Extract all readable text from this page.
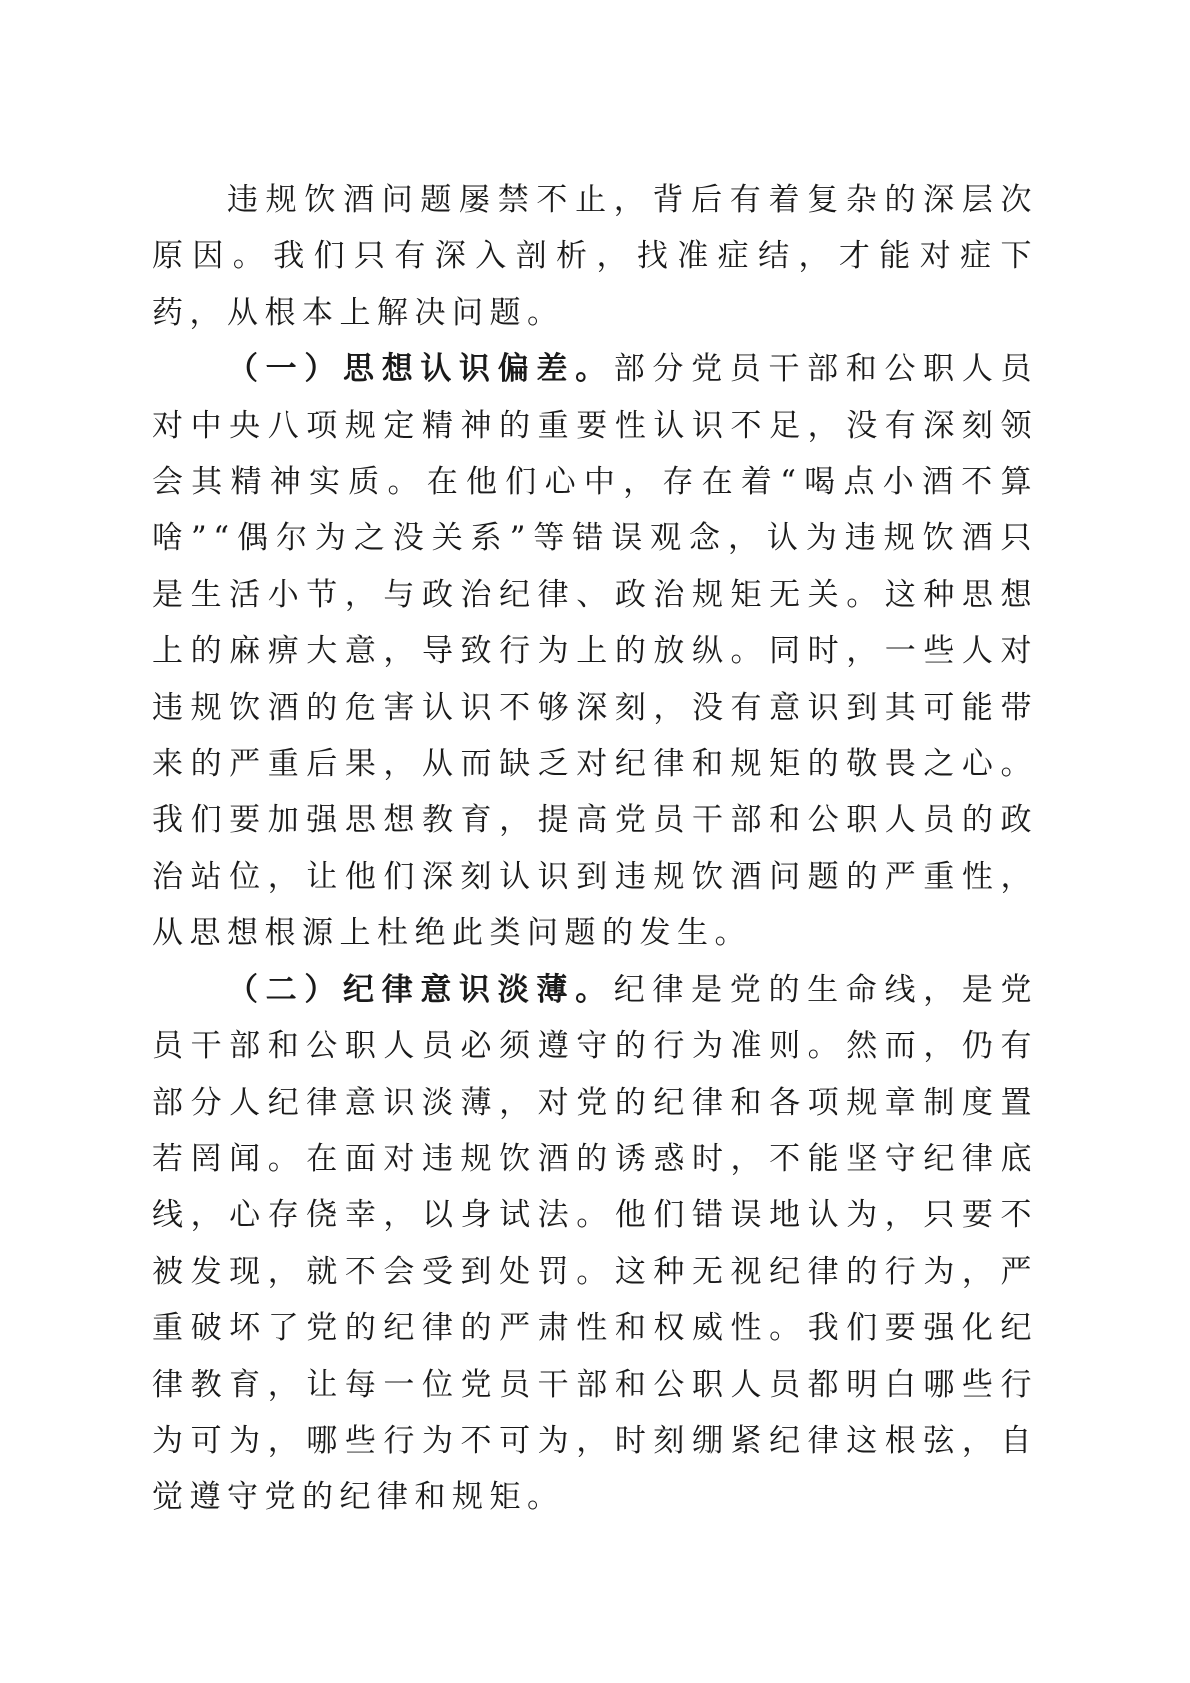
违规饮酒问题屡禁不止，背后有着复杂的深层次原因。我们只有深入剖析，找准症结，才能对症下药，从根本上解决问题。

（一）思想认识偏差。部分党员干部和公职人员对中央八项规定精神的重要性认识不足，没有深刻领会其精神实质。在他们心中，存在着“喝点小酒不算啥”“偶尔为之没关系”等错误观念，认为违规饮酒只是生活小节，与政治纪律、政治规矩无关。这种思想上的麻痹大意，导致行为上的放纵。同时，一些人对违规饮酒的危害认识不够深刻，没有意识到其可能带来的严重后果，从而缺乏对纪律和规矩的敬畏之心。我们要加强思想教育，提高党员干部和公职人员的政治站位，让他们深刻认识到违规饮酒问题的严重性，从思想根源上杜绝此类问题的发生。

（二）纪律意识淡薄。纪律是党的生命线，是党员干部和公职人员必须遵守的行为准则。然而，仍有部分人纪律意识淡薄，对党的纪律和各项规章制度置若罔闻。在面对违规饮酒的诱惑时，不能坚守纪律底线，心存侥幸，以身试法。他们错误地认为，只要不被发现，就不会受到处罚。这种无视纪律的行为，严重破坏了党的纪律的严肃性和权威性。我们要强化纪律教育，让每一位党员干部和公职人员都明白哪些行为可为，哪些行为不可为，时刻绷紧纪律这根弦，自觉遵守党的纪律和规矩。
